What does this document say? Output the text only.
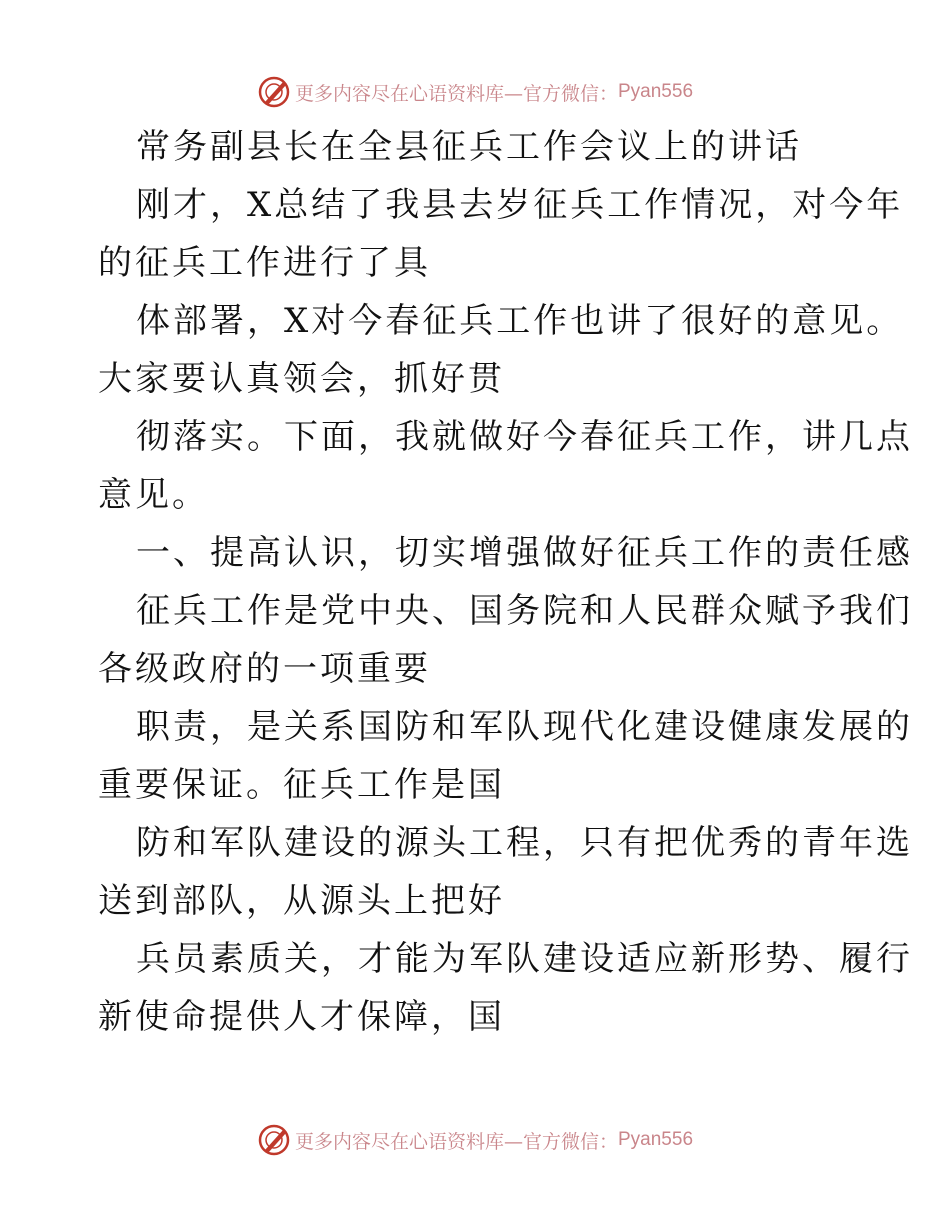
更多内容尽在心语资料库—官方微信： Pyan556
常务副县长在全县征兵工作会议上的讲话
刚才，X总结了我县去岁征兵工作情况，对今年
的征兵工作进行了具
体部署，X对今春征兵工作也讲了很好的意见。
大家要认真领会，抓好贯
彻落实。下面，我就做好今春征兵工作，讲几点
意见。
一、提高认识，切实增强做好征兵工作的责任感
征兵工作是党中央、国务院和人民群众赋予我们
各级政府的一项重要
职责，是关系国防和军队现代化建设健康发展的
重要保证。征兵工作是国
防和军队建设的源头工程，只有把优秀的青年选
送到部队，从源头上把好
兵员素质关，才能为军队建设适应新形势、履行
新使命提供人才保障，国
更多内容尽在心语资料库—官方微信： Pyan556
